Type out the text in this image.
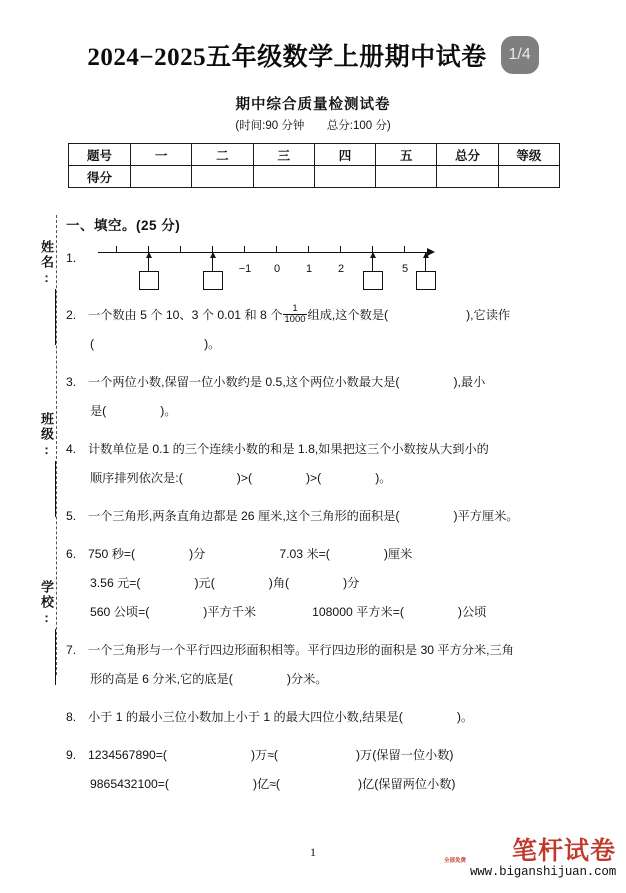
姓名:
班级:
学校:
2024−2025五年级数学上册期中试卷	1/4
期中综合质量检测试卷
(时间:90 分钟 总分:100 分)
题号	一	二	三	四	五	总分	等级
得分							
一、填空。(25 分)
1.
−1 0 1 2	5
2. 一个数由 5 个 10、3 个 0.01 和 8 个 $\frac{1}{1000}$ 组成,这个数是(	),它读作
(	)。
3. 一个两位小数,保留一位小数约是 0.5,这个两位小数最大是(	),最小
是(	)。
4. 计数单位是 0.1 的三个连续小数的和是 1.8,如果把这三个小数按从大到小的
顺序排列依次是:(	)>(	)>(	)。
5. 一个三角形,两条直角边都是 26 厘米,这个三角形的面积是(	)平方厘米。
6. 750 秒=(	)分	7.03 米=(	)厘米
3.56 元=(	)元(	)角(	)分
560 公顷=(	)平方千米	108000 平方米=(	)公顷
7. 一个三角形与一个平行四边形面积相等。平行四边形的面积是 30 平方分米,三角
形的高是 6 分米,它的底是(	)分米。
8. 小于 1 的最小三位小数加上小于 1 的最大四位小数,结果是(	)。
9. 1234567890=(	)万≈(	)万(保留一位小数)
9865432100=(	)亿≈(	)亿(保留两位小数)
1	笔杆试卷
www.biganshijuan.com
全部免费
